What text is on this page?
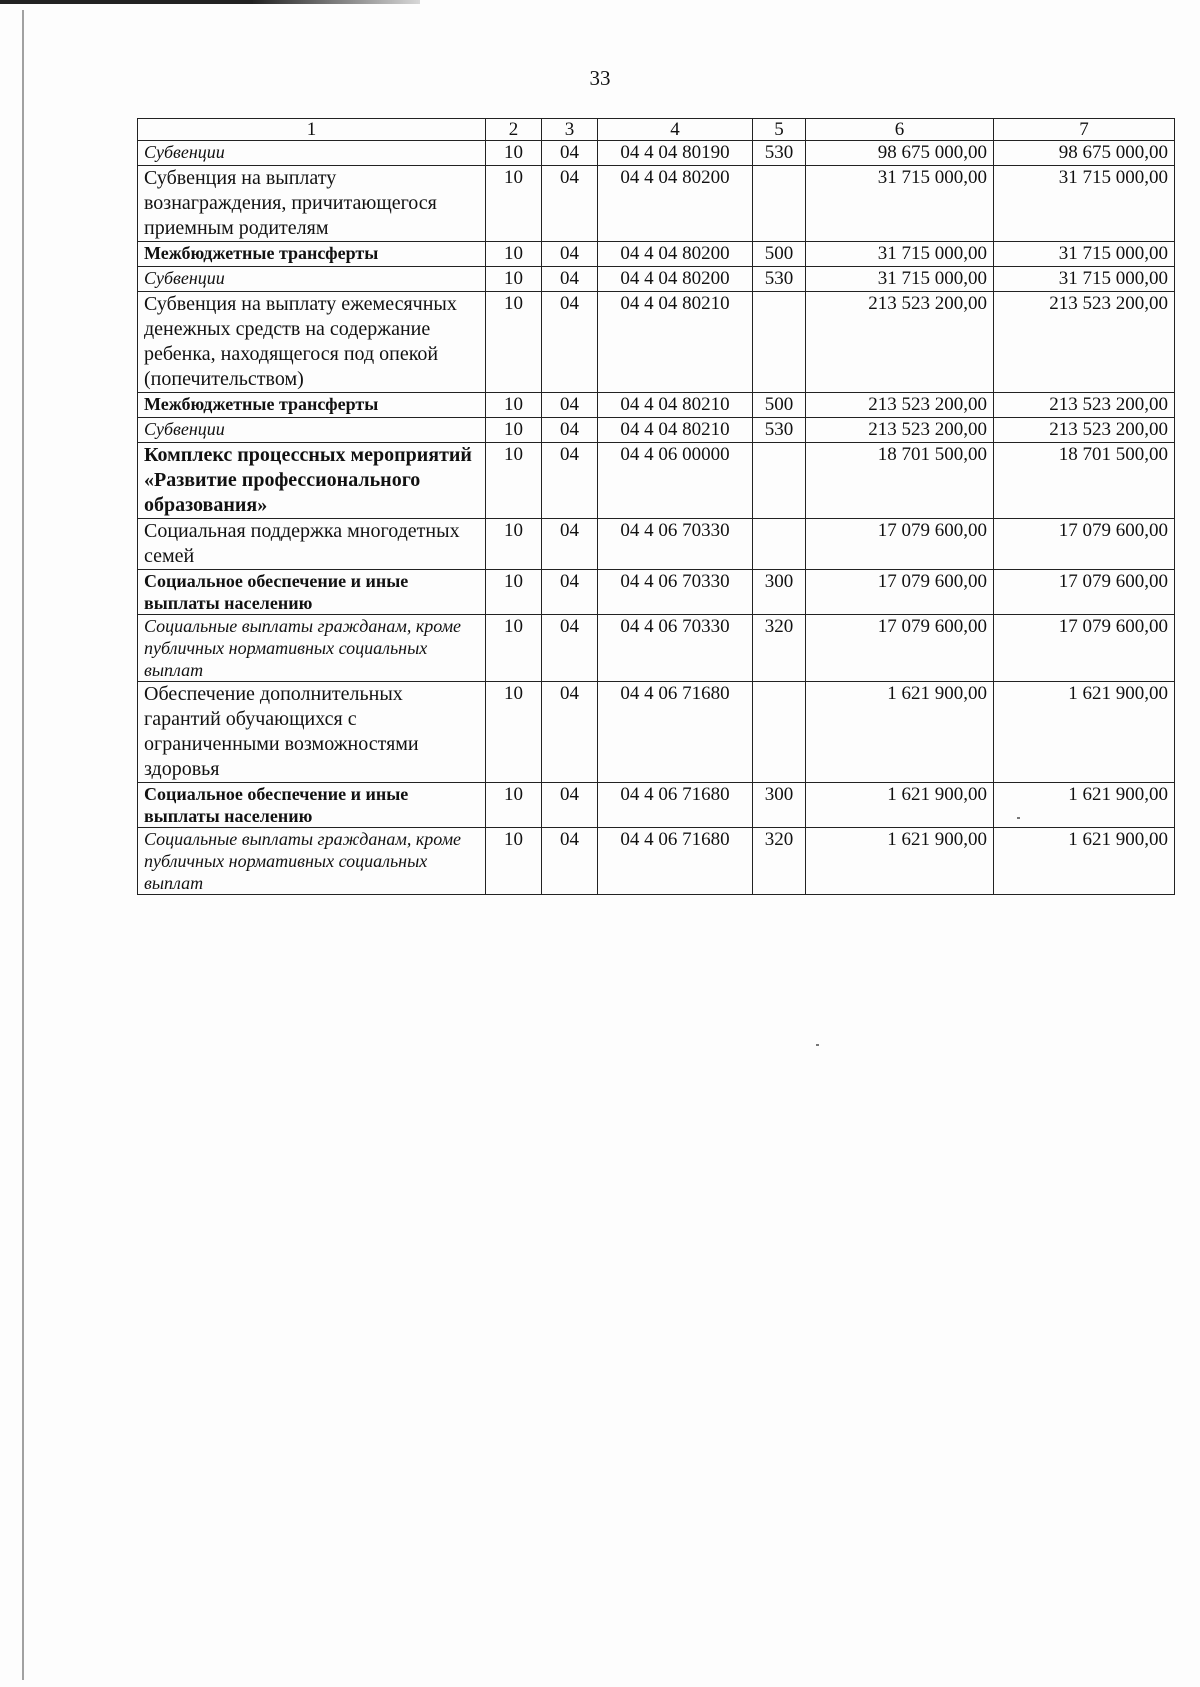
33
1	2	3	4	5	6	7
Субвенции	10	04	04 4 04 80190	530	98 675 000,00	98 675 000,00
Субвенция на выплату вознаграждения, причитающегося приемным родителям	10	04	04 4 04 80200		31 715 000,00	31 715 000,00
Межбюджетные трансферты	10	04	04 4 04 80200	500	31 715 000,00	31 715 000,00
Субвенции	10	04	04 4 04 80200	530	31 715 000,00	31 715 000,00
Субвенция на выплату ежемесячных денежных средств на содержание ребенка, находящегося под опекой (попечительством)	10	04	04 4 04 80210		213 523 200,00	213 523 200,00
Межбюджетные трансферты	10	04	04 4 04 80210	500	213 523 200,00	213 523 200,00
Субвенции	10	04	04 4 04 80210	530	213 523 200,00	213 523 200,00
Комплекс процессных мероприятий «Развитие профессионального образования»	10	04	04 4 06 00000		18 701 500,00	18 701 500,00
Социальная поддержка многодетных семей	10	04	04 4 06 70330		17 079 600,00	17 079 600,00
Социальное обеспечение и иные выплаты населению	10	04	04 4 06 70330	300	17 079 600,00	17 079 600,00
Социальные выплаты гражданам, кроме публичных нормативных социальных выплат	10	04	04 4 06 70330	320	17 079 600,00	17 079 600,00
Обеспечение дополнительных гарантий обучающихся с ограниченными возможностями здоровья	10	04	04 4 06 71680		1 621 900,00	1 621 900,00
Социальное обеспечение и иные выплаты населению	10	04	04 4 06 71680	300	1 621 900,00	1 621 900,00
Социальные выплаты гражданам, кроме публичных нормативных социальных выплат	10	04	04 4 06 71680	320	1 621 900,00	1 621 900,00
